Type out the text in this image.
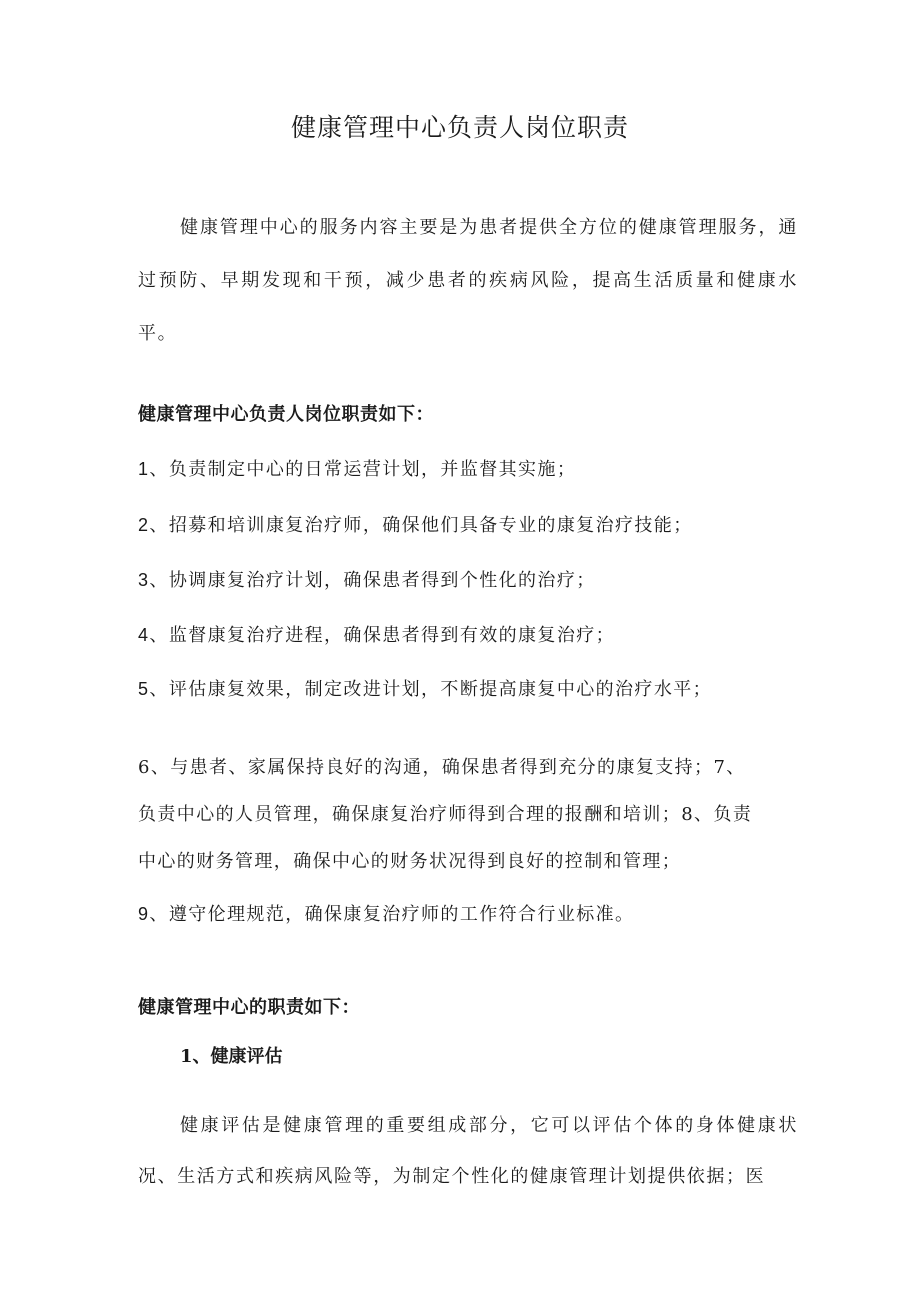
健康管理中心负责人岗位职责

健康管理中心的服务内容主要是为患者提供全方位的健康管理服务，通过预防、早期发现和干预，减少患者的疾病风险，提高生活质量和健康水平。

健康管理中心负责人岗位职责如下：

1、负责制定中心的日常运营计划，并监督其实施；

2、招募和培训康复治疗师，确保他们具备专业的康复治疗技能；

3、协调康复治疗计划，确保患者得到个性化的治疗；

4、监督康复治疗进程，确保患者得到有效的康复治疗；

5、评估康复效果，制定改进计划，不断提高康复中心的治疗水平；

6、与患者、家属保持良好的沟通，确保患者得到充分的康复支持；7、
负责中心的人员管理，确保康复治疗师得到合理的报酬和培训；8、负责
中心的财务管理，确保中心的财务状况得到良好的控制和管理；

9、遵守伦理规范，确保康复治疗师的工作符合行业标准。

健康管理中心的职责如下：

1、健康评估

健康评估是健康管理的重要组成部分，它可以评估个体的身体健康状况、生活方式和疾病风险等，为制定个性化的健康管理计划提供依据；医
